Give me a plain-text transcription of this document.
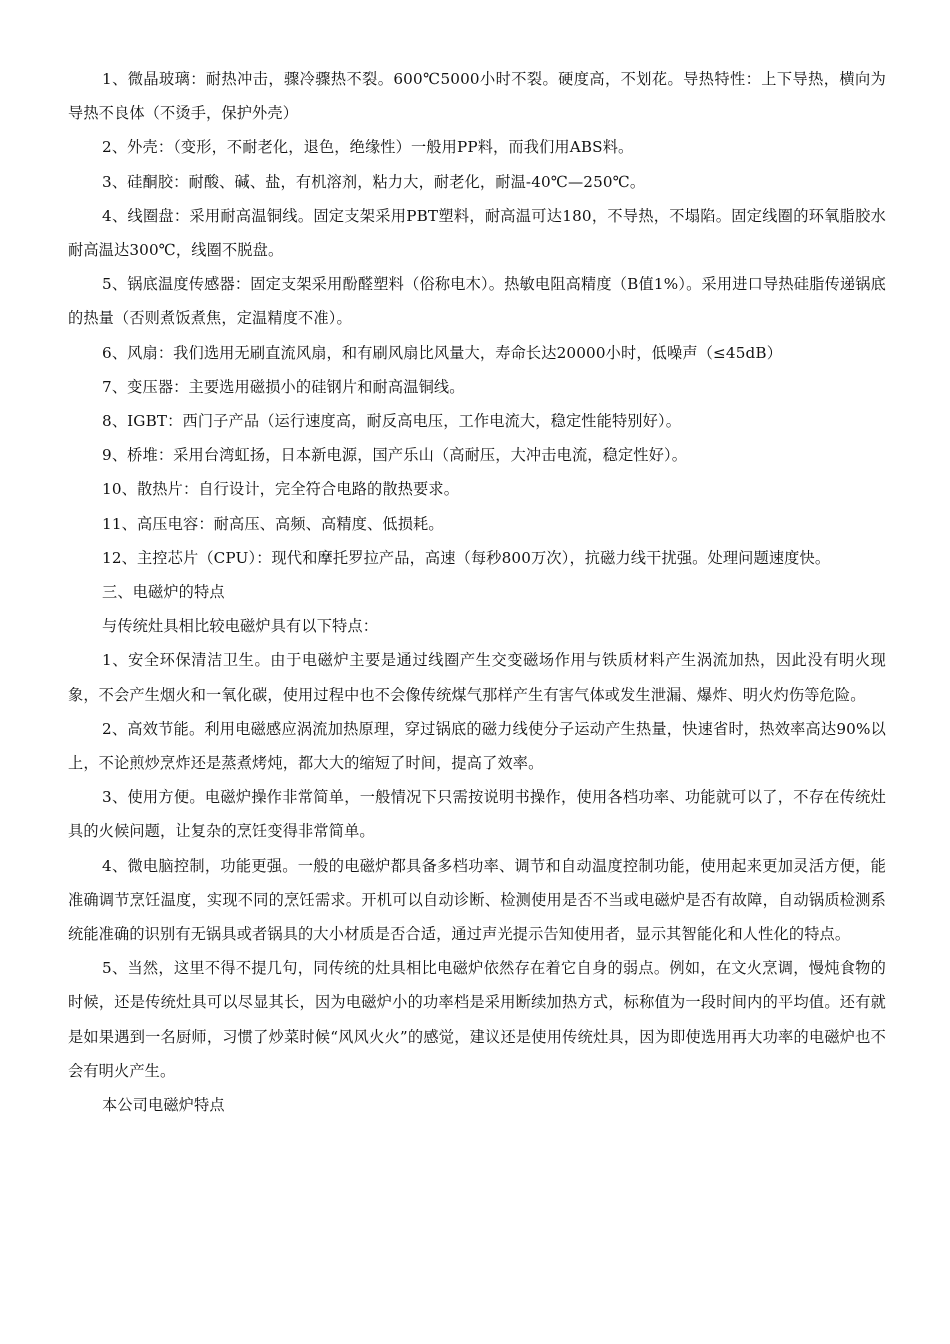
1、微晶玻璃：耐热冲击，骤冷骤热不裂。600℃5000小时不裂。硬度高，不划花。导热特性：上下导热，横向为导热不良体（不烫手，保护外壳）

2、外壳：（变形，不耐老化，退色，绝缘性）一般用PP料，而我们用ABS料。

3、硅酮胶：耐酸、碱、盐，有机溶剂，粘力大，耐老化，耐温-40℃—250℃。

4、线圈盘：采用耐高温铜线。固定支架采用PBT塑料，耐高温可达180，不导热，不塌陷。固定线圈的环氧脂胶水耐高温达300℃，线圈不脱盘。

5、锅底温度传感器：固定支架采用酚醛塑料（俗称电木）。热敏电阻高精度（B值1%）。采用进口导热硅脂传递锅底的热量（否则煮饭煮焦，定温精度不准）。

6、风扇：我们选用无刷直流风扇，和有刷风扇比风量大，寿命长达20000小时，低噪声（≤45dB）

7、变压器：主要选用磁损小的硅钢片和耐高温铜线。

8、IGBT：西门子产品（运行速度高，耐反高电压，工作电流大，稳定性能特别好）。

9、桥堆：采用台湾虹扬，日本新电源，国产乐山（高耐压，大冲击电流，稳定性好）。

10、散热片：自行设计，完全符合电路的散热要求。

11、高压电容：耐高压、高频、高精度、低损耗。

12、主控芯片（CPU）：现代和摩托罗拉产品，高速（每秒800万次），抗磁力线干扰强。处理问题速度快。

三、电磁炉的特点

与传统灶具相比较电磁炉具有以下特点：

1、安全环保清洁卫生。由于电磁炉主要是通过线圈产生交变磁场作用与铁质材料产生涡流加热，因此没有明火现象，不会产生烟火和一氧化碳，使用过程中也不会像传统煤气那样产生有害气体或发生泄漏、爆炸、明火灼伤等危险。

2、高效节能。利用电磁感应涡流加热原理，穿过锅底的磁力线使分子运动产生热量，快速省时，热效率高达90%以上，不论煎炒烹炸还是蒸煮烤炖，都大大的缩短了时间，提高了效率。

3、使用方便。电磁炉操作非常简单，一般情况下只需按说明书操作，使用各档功率、功能就可以了，不存在传统灶具的火候问题，让复杂的烹饪变得非常简单。

4、微电脑控制，功能更强。一般的电磁炉都具备多档功率、调节和自动温度控制功能，使用起来更加灵活方便，能准确调节烹饪温度，实现不同的烹饪需求。开机可以自动诊断、检测使用是否不当或电磁炉是否有故障，自动锅质检测系统能准确的识别有无锅具或者锅具的大小材质是否合适，通过声光提示告知使用者，显示其智能化和人性化的特点。

5、当然，这里不得不提几句，同传统的灶具相比电磁炉依然存在着它自身的弱点。例如，在文火烹调，慢炖食物的时候，还是传统灶具可以尽显其长，因为电磁炉小的功率档是采用断续加热方式，标称值为一段时间内的平均值。还有就是如果遇到一名厨师，习惯了炒菜时候“风风火火”的感觉，建议还是使用传统灶具，因为即使选用再大功率的电磁炉也不会有明火产生。

本公司电磁炉特点
